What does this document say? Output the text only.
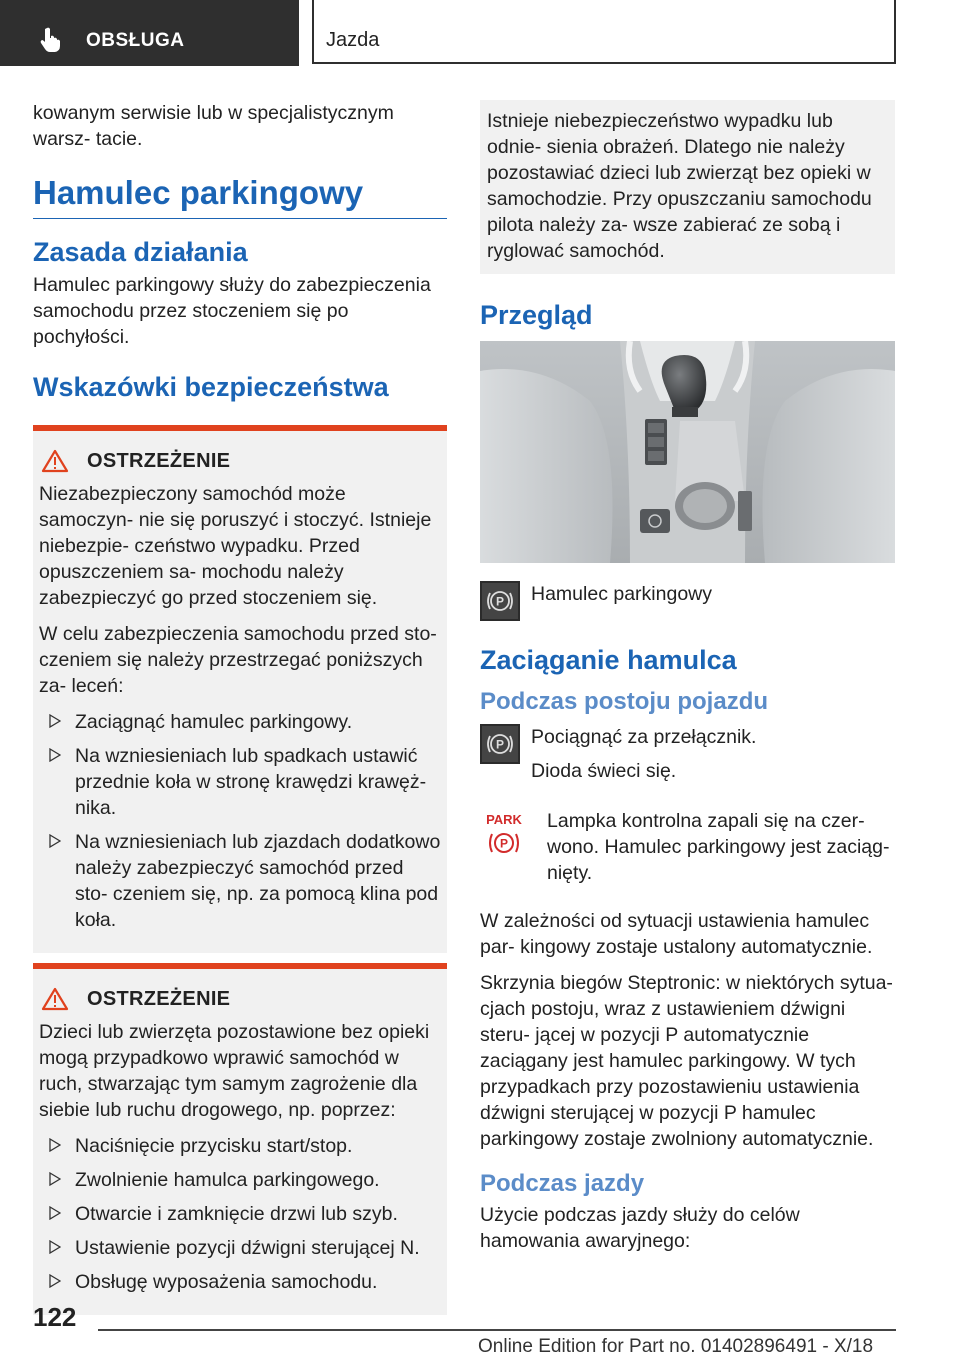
OBSŁUGA	Jazda

kowanym serwisie lub w specjalistycznym warsz- tacie.

Hamulec parkingowy
Zasada działania

Hamulec parkingowy służy do zabezpieczenia samochodu przez stoczeniem się po pochyłości.

Wskazówki bezpieczeństwa
OSTRZEŻENIE

Niezabezpieczony samochód może samoczyn- nie się poruszyć i stoczyć. Istnieje niebezpie- czeństwo wypadku. Przed opuszczeniem sa- mochodu należy zabezpieczyć go przed stoczeniem się.

W celu zabezpieczenia samochodu przed sto- czeniem się należy przestrzegać poniższych za- leceń:

Zaciągnąć hamulec parkingowy.
Na wzniesieniach lub spadkach ustawić przednie koła w stronę krawędzi krawęż- nika.
Na wzniesieniach lub zjazdach dodatkowo należy zabezpieczyć samochód przed sto- czeniem się, np. za pomocą klina pod koła.
OSTRZEŻENIE

Dzieci lub zwierzęta pozostawione bez opieki mogą przypadkowo wprawić samochód w ruch, stwarzając tym samym zagrożenie dla siebie lub ruchu drogowego, np. poprzez:

Naciśnięcie przycisku start/stop.
Zwolnienie hamulca parkingowego.
Otwarcie i zamknięcie drzwi lub szyb.
Ustawienie pozycji dźwigni sterującej N.
Obsługę wyposażenia samochodu.

Istnieje niebezpieczeństwo wypadku lub odnie- sienia obrażeń. Dlatego nie należy pozostawiać dzieci lub zwierząt bez opieki w samochodzie. Przy opuszczaniu samochodu pilota należy za- wsze zabierać ze sobą i ryglować samochód.

Przegląd
P Hamulec parkingowy

Zaciąganie hamulca
Podczas postoju pojazdu
P Pociągnąć za przełącznik.

Dioda świeci się.

PARK
P

Lampka kontrolna zapali się na czer- wono. Hamulec parkingowy jest zaciąg- nięty.

W zależności od sytuacji ustawienia hamulec par- kingowy zostaje ustalony automatycznie.

Skrzynia biegów Steptronic: w niektórych sytua- cjach postoju, wraz z ustawieniem dźwigni steru- jącej w pozycji P automatycznie zaciągany jest hamulec parkingowy. W tych przypadkach przy pozostawieniu ustawienia dźwigni sterującej w pozycji P hamulec parkingowy zostaje zwolniony automatycznie.

Podczas jazdy

Użycie podczas jazdy służy do celów hamowania awaryjnego:

122
Online Edition for Part no. 01402896491 - X/18
